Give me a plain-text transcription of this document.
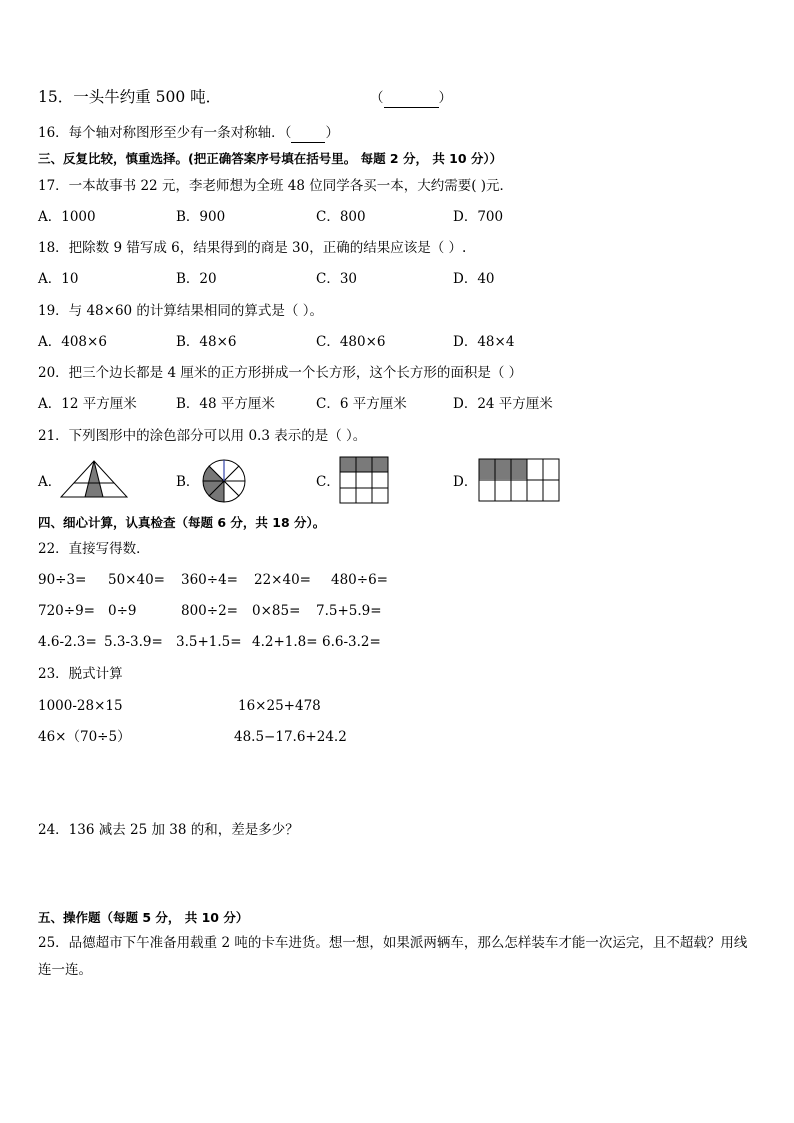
15．一头牛约重 500 吨．	（	）
16．每个轴对称图形至少有一条对称轴．（	）
三、反复比较，慎重选择。(把正确答案序号填在括号里。 每题 2 分， 共 10 分））
17．一本故事书 22 元，李老师想为全班 48 位同学各买一本，大约需要( )元．
A．1000	B．900	C．800	D．700
18．把除数 9 错写成 6，结果得到的商是 30，正确的结果应该是（ ）.
A．10	B．20	C．30	D．40
19．与 48×60 的计算结果相同的算式是（ ）。
A．408×6	B．48×6	C．480×6	D．48×4
20．把三个边长都是 4 厘米的正方形拼成一个长方形，这个长方形的面积是（ ）
A．12 平方厘米	B．48 平方厘米	C．6 平方厘米	D．24 平方厘米
21．下列图形中的涂色部分可以用 0.3 表示的是（ ）。
A．	B．	C．	D．
四、细心计算，认真检查（每题 6 分，共 18 分）。
22．直接写得数．
90÷3= 50×40= 360÷4= 22×40= 480÷6=
720÷9= 0÷9	800÷2= 0×85= 7.5+5.9=
4.6-2.3= 5.3-3.9= 3.5+1.5= 4.2+1.8= 6.6-3.2=
23．脱式计算
1000-28×15	16×25+478
46×（70÷5）	48.5−17.6+24.2
24．136 减去 25 加 38 的和，差是多少？
五、操作题（每题 5 分， 共 10 分）
25．品德超市下午准备用载重 2 吨的卡车进货。想一想，如果派两辆车，那么怎样装车才能一次运完，且不超载？用线连一连。
